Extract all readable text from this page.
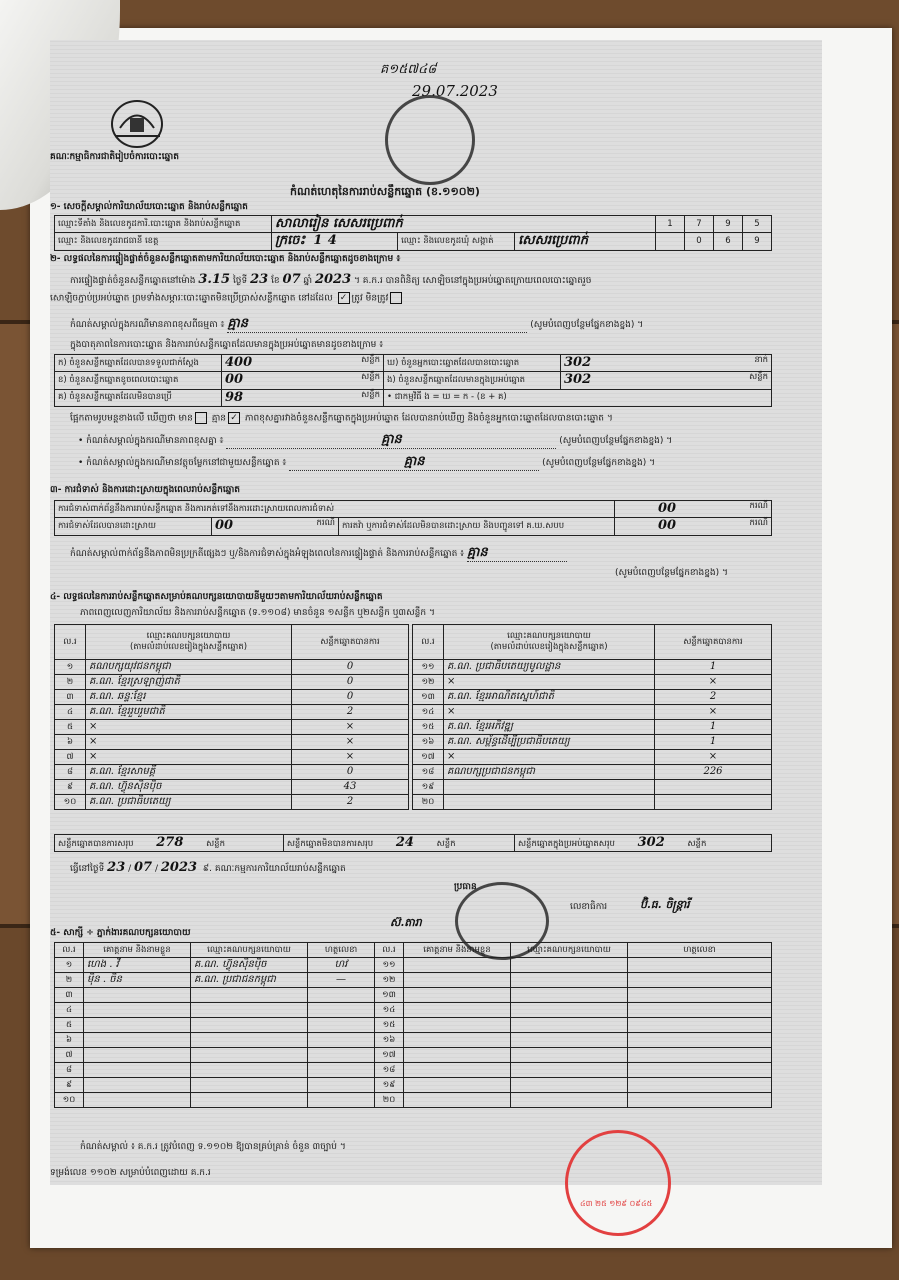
គណៈកម្មាធិការជាតិរៀបចំការបោះឆ្នោត
គ១៥៧៤៨
29.07.2023
កំណត់ហេតុនៃការរាប់សន្លឹកឆ្នោត (ខ.១១០២)
១- សេចក្ដីសម្គាល់ការិយាល័យបោះឆ្នោត និងរាប់សន្លឹកឆ្នោត
ឈ្មោះទីតាំង និងលេខកូដការិ.បោះឆ្នោត និងរាប់សន្លឹកឆ្នោត	សាលារៀន សេសរប្រេពាក់			1	7	9	5
ឈ្មោះ និងលេខកូដរាជធានី ខេត្ត	ក្រចេះ 1 4	ឈ្មោះ និងលេខកូដឃុំ សង្កាត់	សេសរប្រេពាក់		0	6	9
២- លទ្ធផលនៃការផ្ទៀងផ្ទាត់ចំនួនសន្លឹកឆ្នោតតាមការិយាល័យបោះឆ្នោត និងរាប់សន្លឹកឆ្នោតដូចខាងក្រោម ៖
ការផ្ទៀងផ្ទាត់ចំនួនសន្លឹកឆ្នោតនៅម៉ោង 3.15 ថ្ងៃទី 23 ខែ 07 ឆ្នាំ 2023 ។ គ.ក.រ បានពិនិត្យ សោឡិចនៅក្នុងប្រអប់ឆ្នោតក្រោយពេលបោះឆ្នោតរួច
សោឡិចភ្ជាប់ប្រអប់ឆ្នោត ព្រមទាំងសម្ភារៈបោះឆ្នោតមិនប្រើប្រាស់សន្លឹកឆ្នោត នៅដដែល ✓ ត្រូវ មិនត្រូវ
កំណត់សម្គាល់ក្នុងករណីមានភាពខុសពីធម្មតា ៖ គ្មាន	(សូមបំពេញបន្ថែមផ្នែកខាងខ្នង) ។
ក្នុងបាតុភាពនៃការបោះឆ្នោត និងការរាប់សន្លឹកឆ្នោតដែលមានក្នុងប្រអប់ឆ្នោតមានដូចខាងក្រោម ៖
ក) ចំនួនសន្លឹកឆ្នោតដែលបានទទួលជាក់ស្ដែង	400 សន្លឹក	ឃ) ចំនួនអ្នកបោះឆ្នោតដែលបានបោះឆ្នោត	302 នាក់

ខ) ចំនួនសន្លឹកឆ្នោតខូចពេលបោះឆ្នោត	00 សន្លឹក	ង) ចំនួនសន្លឹកឆ្នោតដែលមានក្នុងប្រអប់ឆ្នោត	302 សន្លឹក

គ) ចំនួនសន្លឹកឆ្នោតដែលមិនបានប្រើ	98 សន្លឹក	• ជាកម្មវិធី ង = ឃ = ក - (ខ + គ)	
ផ្អែកតាមរូបមន្តខាងលើ ឃើញថា មាន គ្មាន ✓ ភាពខុសគ្នារវាងចំនួនសន្លឹកឆ្នោតក្នុងប្រអប់ឆ្នោត ដែលបានរាប់ឃើញ និងចំនួនអ្នកបោះឆ្នោតដែលបានបោះឆ្នោត ។
• កំណត់សម្គាល់ក្នុងករណីមានភាពខុសគ្នា ៖	គ្មាន	(សូមបំពេញបន្ថែមផ្នែកខាងខ្នង) ។
• កំណត់សម្គាល់ក្នុងករណីមានវត្ថុចម្លែកនៅជាមួយសន្លឹកឆ្នោត ៖	គ្មាន	(សូមបំពេញបន្ថែមផ្នែកខាងខ្នង) ។
៣- ការជំទាស់ និងការដោះស្រាយក្នុងពេលរាប់សន្លឹកឆ្នោត
ការជំទាស់ពាក់ព័ន្ធនឹងការរាប់សន្លឹកឆ្នោត និងការកត់ទៅនឹងការដោះស្រាយពេលការជំទាស់			00 ករណី

ការជំទាស់ដែលបានដោះស្រាយ	00 ករណី	ការតវ៉ា ឬការជំទាស់ដែលមិនបានដោះស្រាយ និងបញ្ជូនទៅ គ.ឃ.សបប	00 ករណី
កំណត់សម្គាល់ពាក់ព័ន្ធនឹងភាពមិនប្រក្រតីផ្សេងៗ ឬ/និងការជំទាស់ក្នុងអំឡុងពេលនៃការផ្ទៀងផ្ទាត់ និងការរាប់សន្លឹកឆ្នោត ៖ គ្មាន
(សូមបំពេញបន្ថែមផ្នែកខាងខ្នង) ។
៤- លទ្ធផលនៃការរាប់សន្លឹកឆ្នោតសម្រាប់គណបក្សនយោបាយនីមួយៗតាមការិយាល័យរាប់សន្លឹកឆ្នោត
ភាពពេញលេញការិយាល័យ និងការរាប់សន្លឹកឆ្នោត (ទ.១១០៨) មានចំនួន ១សន្លឹក ឬ២សន្លឹក ឬ៣សន្លឹក ។
ល.រ	ឈ្មោះគណបក្សនយោបាយ
(តាមលំដាប់លេខរៀងក្នុងសន្លឹកឆ្នោត)	សន្លឹកឆ្នោតបានការ
១	គណបក្សយុវជនកម្ពុជា	0
២	គ.ណ. ខ្មែរស្រឡាញ់ជាតិ	0
៣	គ.ណ. ឆន្ទៈខ្មែរ	0
៤	គ.ណ. ខ្មែររួបរួមជាតិ	2
៥	×	×
៦	×	×
៧	×	×
៨	គ.ណ. ខ្មែរសាមគ្គី	0
៩	គ.ណ. ហ៊្វុនស៊ិនប៉ិច	43
១០	គ.ណ. ប្រជាធិបតេយ្យ	2
ល.រ	ឈ្មោះគណបក្សនយោបាយ
(តាមលំដាប់លេខរៀងក្នុងសន្លឹកឆ្នោត)	សន្លឹកឆ្នោតបានការ
១១	គ.ណ. ប្រជាធិបតេយ្យមូលដ្ឋាន	1
១២	×	×
១៣	គ.ណ. ខ្មែរអាណិតស្នេហ៍ជាតិ	2
១៤	×	×
១៥	គ.ណ. ខ្មែរអភិវឌ្ឍ	1
១៦	គ.ណ. សម្ព័ន្ធដើម្បីប្រជាធិបតេយ្យ	1
១៧	×	×
១៨	គណបក្សប្រជាជនកម្ពុជា	226
១៩		
២០		
សន្លឹកឆ្នោតបានការសរុប 278	សន្លឹក	សន្លឹកឆ្នោតមិនបានការសរុប 24	សន្លឹក	សន្លឹកឆ្នោតក្នុងប្រអប់ឆ្នោតសរុប 302	សន្លឹក
ធ្វើនៅថ្ងៃទី 23 / 07 / 2023 ៩. គណៈកម្មការការិយាល័យរាប់សន្លឹកឆ្នោត
ប្រធាន
ស៊.តារា
លេខាធិការ	ប៊ិ.ធ. ចិន្ត្រារី
៥- សាក្សី ÷ ភ្នាក់ងារគណបក្សនយោបាយ
ល.រ	គោត្តនាម និងនាមខ្លួន	ឈ្មោះគណបក្សនយោបាយ	ហត្ថលេខា	ល.រ	គោត្តនាម និងនាមខ្លួន	ឈ្មោះគណបក្សនយោបាយ	ហត្ថលេខា
១	ហេង . វី	គ.ណ. ហ៊្វុនស៊ិនប៉ិច	ហវ	១១			
២	ម៉ិន . ចិន	គ.ណ. ប្រជាជនកម្ពុជា	—	១២			
៣				១៣			
៤				១៤			
៥				១៥			
៦				១៦			
៧				១៧			
៨				១៨			
៩				១៩			
១០				២០			
កំណត់សម្គាល់ ៖ គ.ក.រ ត្រូវបំពេញ ទ.១១០២ ឱ្យបានគ្រប់គ្រាន់ ចំនួន ៣ច្បាប់ ។
ទម្រង់លេខ ១១០២ សម្រាប់បំពេញដោយ គ.ក.រ
៤៣ ២៥ ១២៩ ០៩៤៥
